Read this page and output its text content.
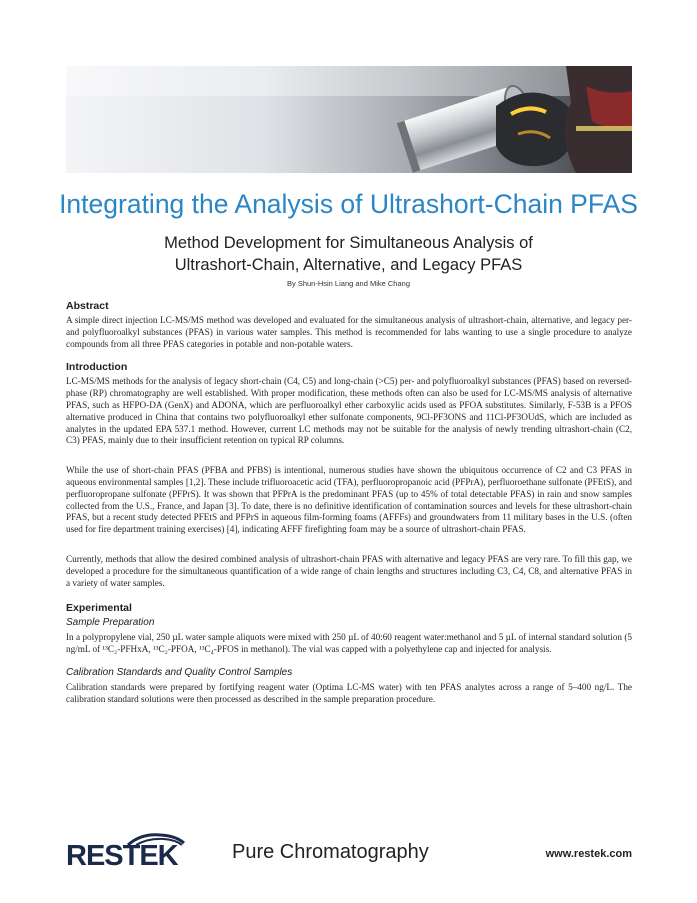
Integrating the Analysis of Ultrashort-Chain PFAS
Method Development for Simultaneous Analysis of
Ultrashort-Chain, Alternative, and Legacy PFAS
By Shun-Hsin Liang and Mike Chang
Abstract

A simple direct injection LC-MS/MS method was developed and evaluated for the simultaneous analysis of ultrashort-chain, alternative, and legacy per- and polyfluoroalkyl substances (PFAS) in various water samples. This method is recommended for labs wanting to use a single procedure to analyze compounds from all three PFAS categories in potable and non-potable waters.

Introduction

LC-MS/MS methods for the analysis of legacy short-chain (C4, C5) and long-chain (>C5) per- and polyfluoroalkyl substances (PFAS) based on reversed-phase (RP) chromatography are well established. With proper modification, these methods often can also be used for LC-MS/MS analysis of alternative PFAS, such as HFPO-DA (GenX) and ADONA, which are perfluoroalkyl ether carboxylic acids used as PFOA substitutes. Similarly, F-53B is a PFOS alternative produced in China that contains two polyfluoroalkyl ether sulfonate components, 9Cl-PF3ONS and 11Cl-PF3OUdS, which are included as analytes in the updated EPA 537.1 method. However, current LC methods may not be suitable for the analysis of newly trending ultrashort-chain (C2, C3) PFAS, mainly due to their insufficient retention on typical RP columns.

While the use of short-chain PFAS (PFBA and PFBS) is intentional, numerous studies have shown the ubiquitous occurrence of C2 and C3 PFAS in aqueous environmental samples [1,2]. These include trifluoroacetic acid (TFA), perfluoropropanoic acid (PFPrA), perfluoroethane sulfonate (PFEtS), and perfluoropropane sulfonate (PFPrS). It was shown that PFPrA is the predominant PFAS (up to 45% of total detectable PFAS) in rain and snow samples collected from the U.S., France, and Japan [3]. To date, there is no definitive identification of contamination sources and levels for these ultrashort-chain PFAS, but a recent study detected PFEtS and PFPrS in aqueous film-forming foams (AFFFs) and groundwaters from 11 military bases in the U.S. (often used for fire department training exercises) [4], indicating AFFF firefighting foam may be a source of ultrashort-chain PFAS.

Currently, methods that allow the desired combined analysis of ultrashort-chain PFAS with alternative and legacy PFAS are very rare. To fill this gap, we developed a procedure for the simultaneous quantification of a wide range of chain lengths and structures including C3, C4, C8, and alternative PFAS in a variety of water samples.

Experimental
Sample Preparation

In a polypropylene vial, 250 µL water sample aliquots were mixed with 250 µL of 40:60 reagent water:methanol and 5 µL of internal standard solution (5 ng/mL of ¹³C₂-PFHxA, ¹³C₂-PFOA, ¹³C₄-PFOS in methanol). The vial was capped with a polyethylene cap and injected for analysis.

Calibration Standards and Quality Control Samples

Calibration standards were prepared by fortifying reagent water (Optima LC-MS water) with ten PFAS analytes across a range of 5–400 ng/L. The calibration standard solutions were then processed as described in the sample preparation procedure.

RESTEK	Pure Chromatography	www.restek.com
